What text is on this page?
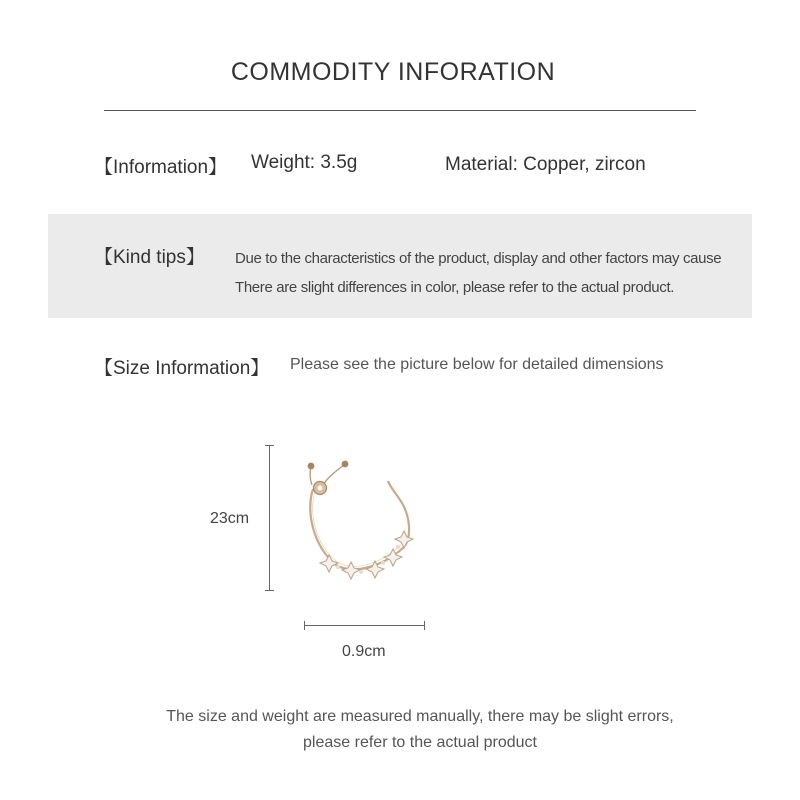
COMMODITY INFORATION
【Information】 Weight: 3.5g	Material: Copper, zircon
【Kind tips】 Due to the characteristics of the product, display and other factors may cause
There are slight differences in color, please refer to the actual product.
【Size Information】 Please see the picture below for detailed dimensions
23cm
0.9cm
The size and weight are measured manually, there may be slight errors,
please refer to the actual product
